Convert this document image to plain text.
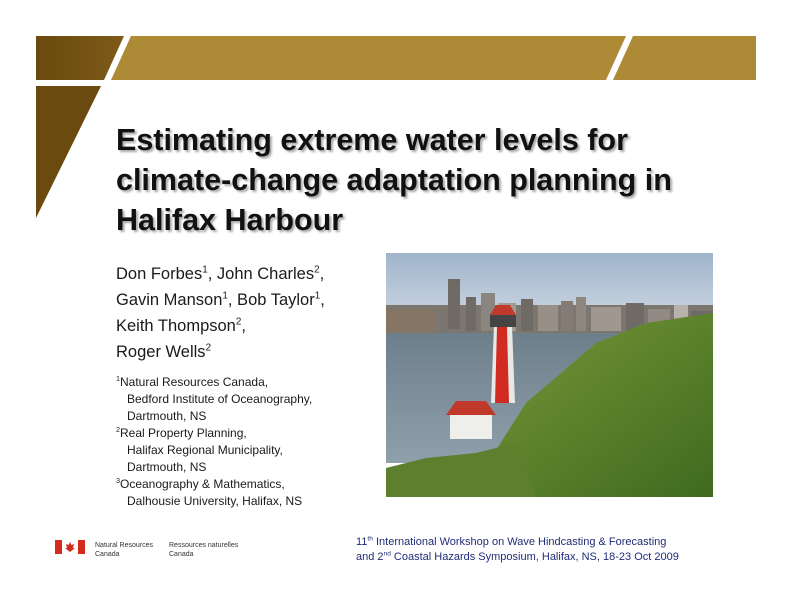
Estimating extreme water levels for
climate-change adaptation planning in
Halifax Harbour
Don Forbes$^1$, John Charles$^2$,
Gavin Manson$^1$, Bob Taylor$^1$,
Keith Thompson$^2$,
Roger Wells$^2$
$^1$Natural Resources Canada,
Bedford Institute of Oceanography,
Dartmouth, NS
$^2$Real Property Planning,
Halifax Regional Municipality,
Dartmouth, NS
$^3$Oceanography & Mathematics,
Dalhousie University, Halifax, NS
Natural Resources
Canada
Ressources naturelles
Canada
11th International Workshop on Wave Hindcasting & Forecasting
and 2nd Coastal Hazards Symposium, Halifax, NS, 18-23 Oct 2009
